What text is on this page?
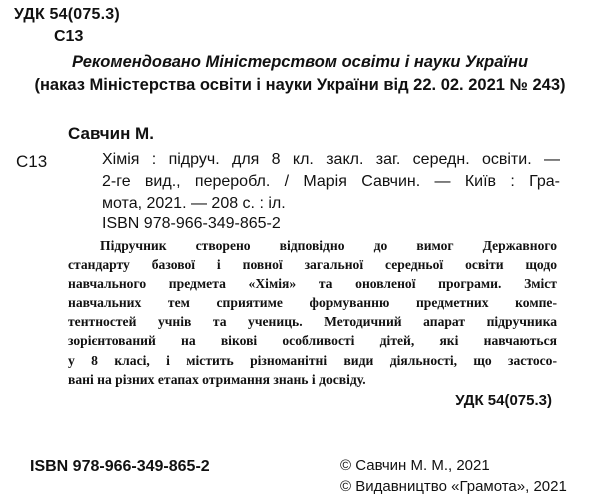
УДК 54(075.3)
С13
Рекомендовано Міністерством освіти і науки України
(наказ Міністерства освіти і науки України від 22. 02. 2021 № 243)
Савчин М.
С13	Хімія : підруч. для 8 кл. закл. заг. середн. освіти. —
2-ге вид., переробл. / Марія Савчин. — Київ : Гра-
мота, 2021. — 208 с. : іл.
ISBN 978-966-349-865-2
Підручник створено відповідно до вимог Державного
стандарту базової і повної загальної середньої освіти щодо
навчального предмета «Хімія» та оновленої програми. Зміст
навчальних тем сприятиме формуванню предметних компе-
тентностей учнів та учениць. Методичний апарат підручника
зорієнтований на вікові особливості дітей, які навчаються
у 8 класі, і містить різноманітні види діяльності, що застосо-
вані на різних етапах отримання знань і досвіду.
УДК 54(075.3)
ISBN 978-966-349-865-2	© Савчин М. М., 2021
© Видавництво «Грамота», 2021
